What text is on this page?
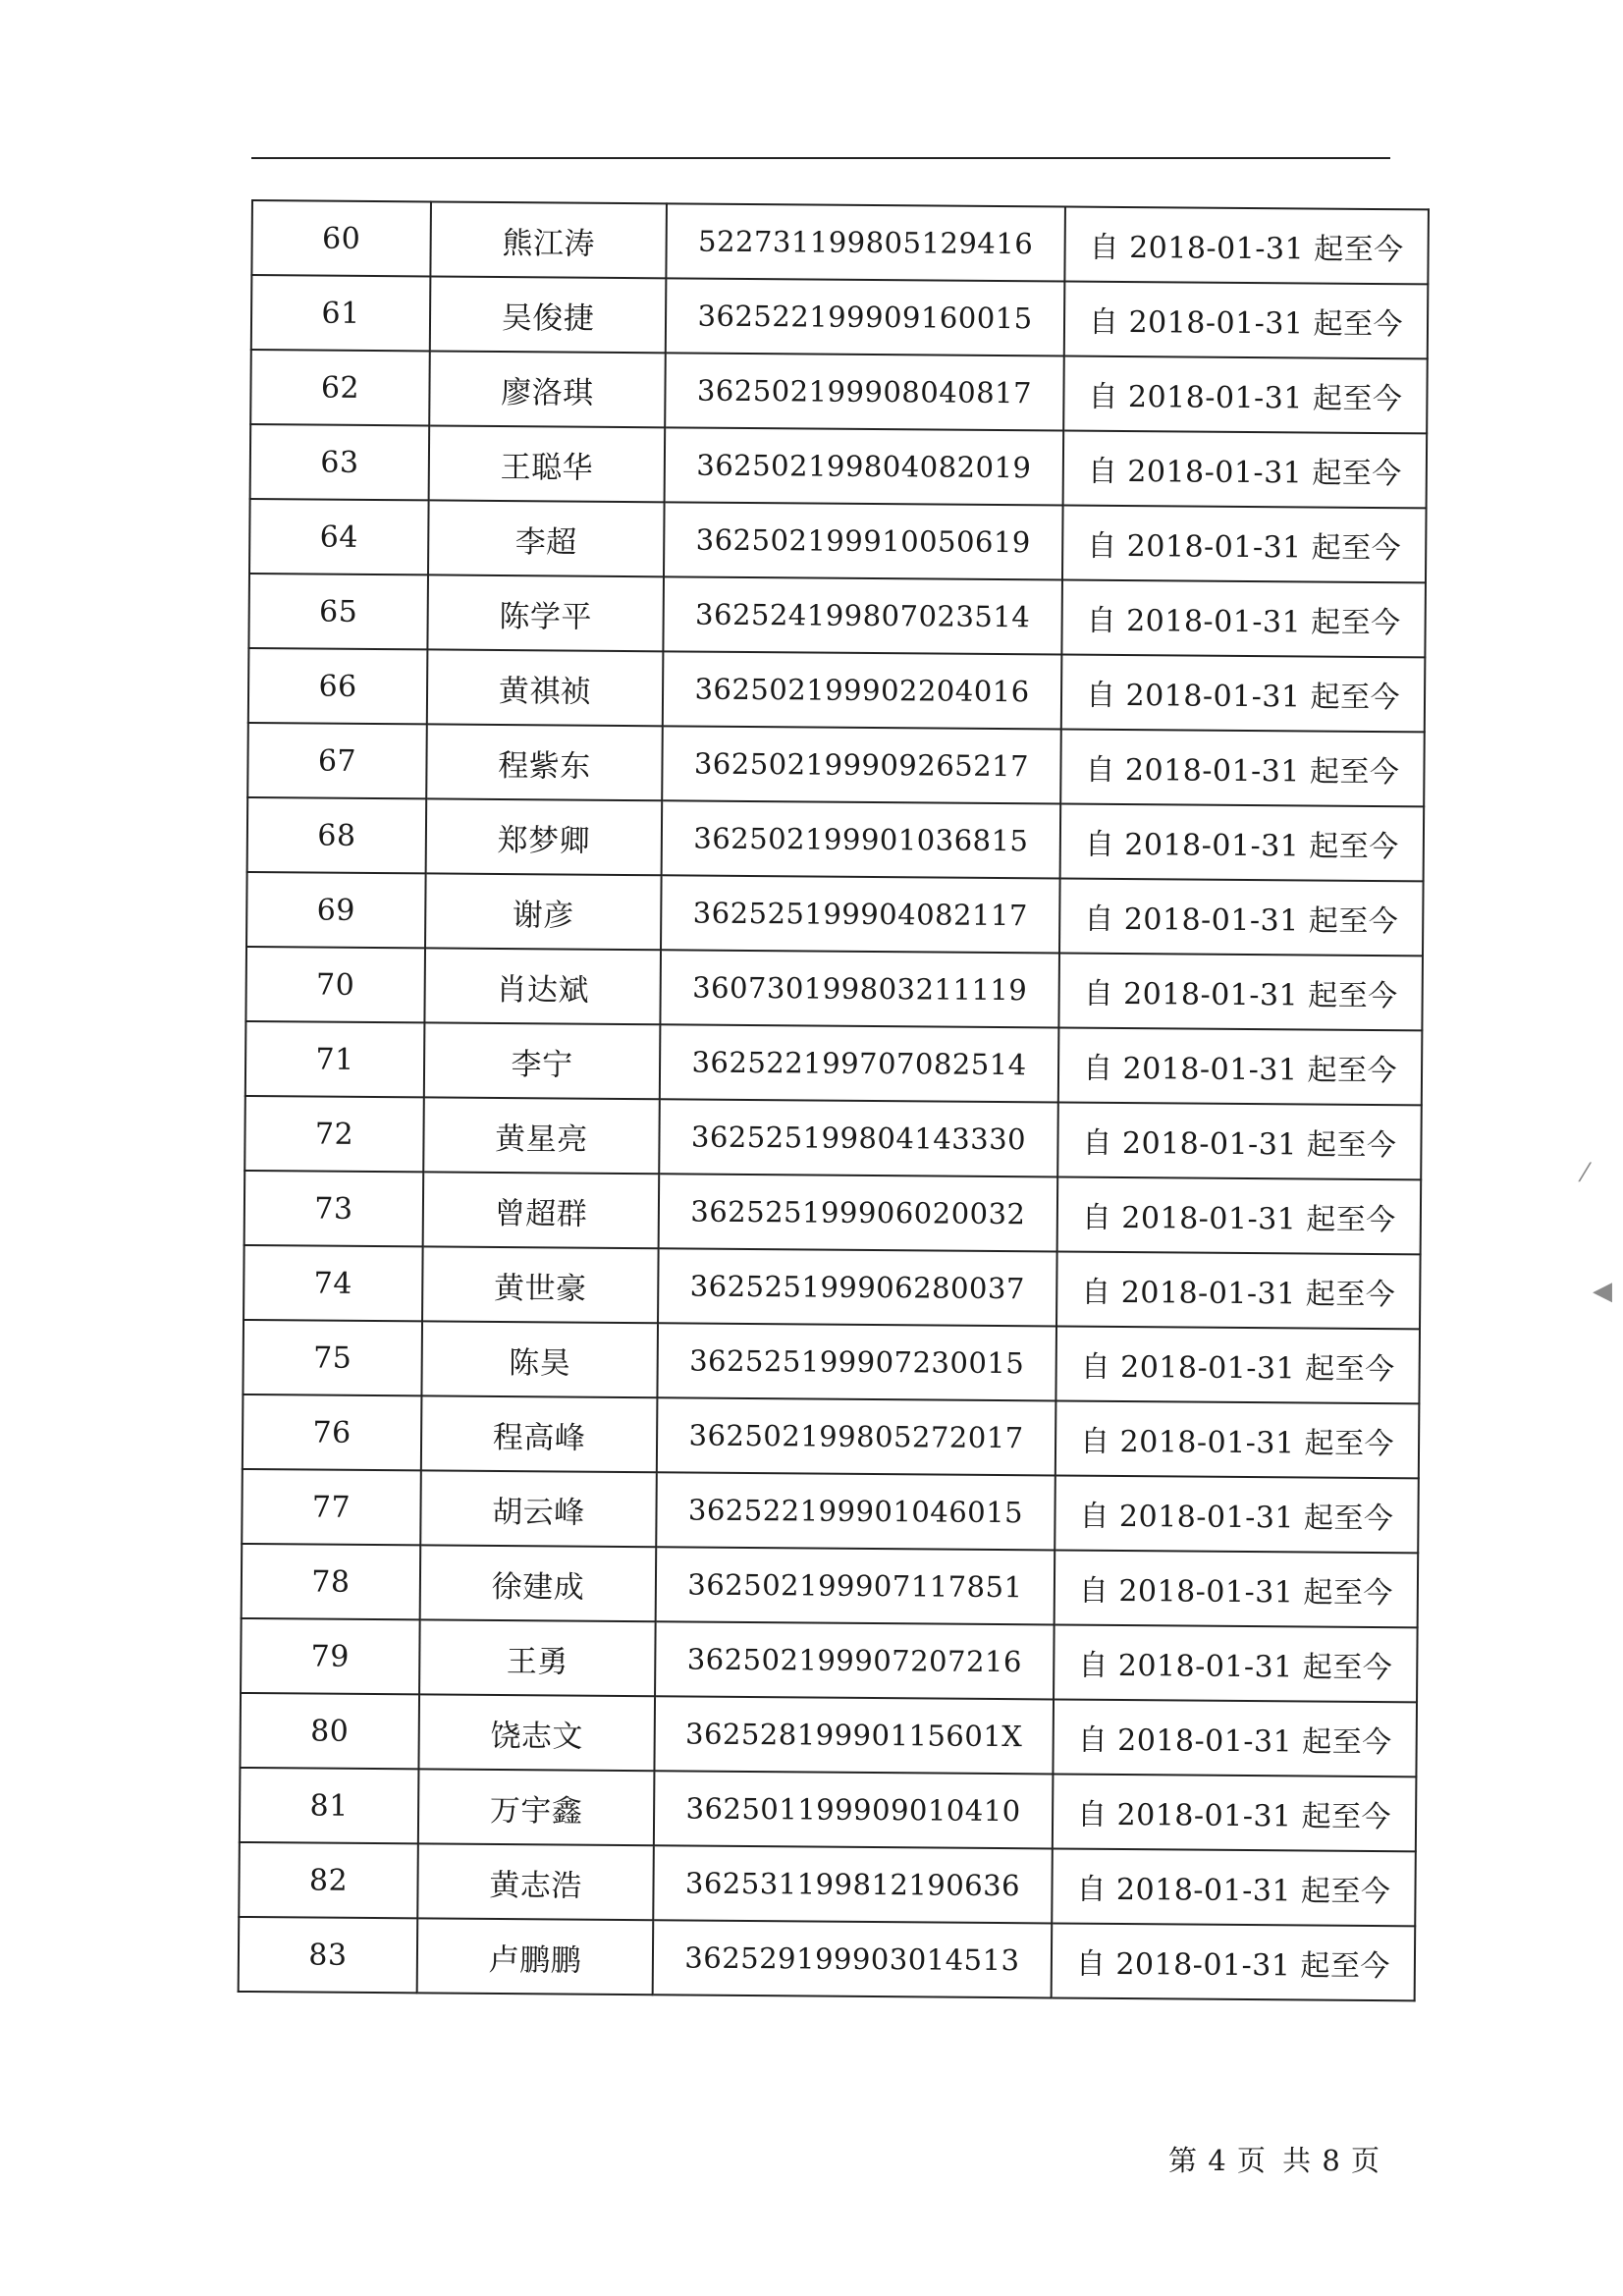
60	熊江涛	522731199805129416	自 2018-01-31 起至今
61	吴俊捷	362522199909160015	自 2018-01-31 起至今
62	廖洛琪	362502199908040817	自 2018-01-31 起至今
63	王聪华	362502199804082019	自 2018-01-31 起至今
64	李超	362502199910050619	自 2018-01-31 起至今
65	陈学平	362524199807023514	自 2018-01-31 起至今
66	黄祺祯	362502199902204016	自 2018-01-31 起至今
67	程紫东	362502199909265217	自 2018-01-31 起至今
68	郑梦卿	362502199901036815	自 2018-01-31 起至今
69	谢彦	362525199904082117	自 2018-01-31 起至今
70	肖达斌	360730199803211119	自 2018-01-31 起至今
71	李宁	362522199707082514	自 2018-01-31 起至今
72	黄星亮	362525199804143330	自 2018-01-31 起至今
73	曾超群	362525199906020032	自 2018-01-31 起至今
74	黄世豪	362525199906280037	自 2018-01-31 起至今
75	陈昊	362525199907230015	自 2018-01-31 起至今
76	程高峰	362502199805272017	自 2018-01-31 起至今
77	胡云峰	362522199901046015	自 2018-01-31 起至今
78	徐建成	362502199907117851	自 2018-01-31 起至今
79	王勇	362502199907207216	自 2018-01-31 起至今
80	饶志文	36252819990115601X	自 2018-01-31 起至今
81	万宇鑫	362501199909010410	自 2018-01-31 起至今
82	黄志浩	362531199812190636	自 2018-01-31 起至今
83	卢鹏鹏	362529199903014513	自 2018-01-31 起至今
第 4 页 共 8 页
⁄
◀
